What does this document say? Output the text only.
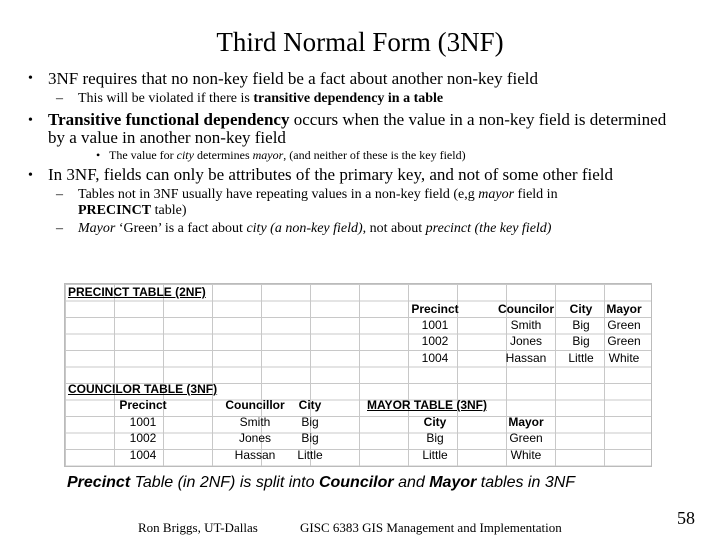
Third Normal Form (3NF)
• 3NF requires that no non-key field be a fact about another non-key field
– This will be violated if there is transitive dependency in a table
• Transitive functional dependency occurs when the value in a non-key field is determined
by a value in another non-key field
• The value for city determines mayor, (and neither of these is the key field)
• In 3NF, fields can only be attributes of the primary key, and not of some other field
– Tables not in 3NF usually have repeating values in a non-key field (e,g mayor field in
PRECINCT table)
– Mayor ‘Green’ is a fact about city (a non-key field), not about precinct (the key field)
PRECINCT TABLE (2NF)
Precinct	Councilor	City	Mayor
1001	Smith	Big	Green
1002	Jones	Big	Green
1004	Hassan	Little	White
COUNCILOR TABLE (3NF)
Precinct	Councillor	City
1001	Smith	Big
1002	Jones	Big
1004	Hassan	Little
MAYOR TABLE (3NF)
City	Mayor
Big	Green
Little	White
Precinct Table (in 2NF) is split into Councilor and Mayor tables in 3NF
Ron Briggs, UT-Dallas	GISC 6383 GIS Management and Implementation	58
